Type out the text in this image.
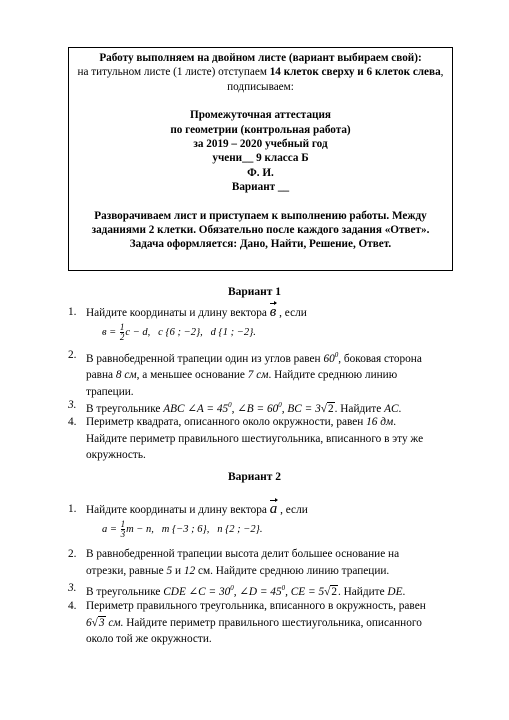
Работу выполняем на двойном листе (вариант выбираем свой):
на титульном листе (1 листе) отступаем 14 клеток сверху и 6 клеток слева,
подписываем:
Промежуточная аттестация
по геометрии (контрольная работа)
за 2019 – 2020 учебный год
учени__ 9 класса Б
Ф. И.
Вариант __
Разворачиваем лист и приступаем к выполнению работы. Между
заданиями 2 клетки. Обязательно после каждого задания «Ответ».
Задача оформляется: Дано, Найти, Решение, Ответ.
Вариант 1
1. Найдите координаты и длину вектора в , если
$в = \frac{1}{2}$ c − d, c {6 ; −2}, d {1 ; −2}.
2. В равнобедренной трапеции один из углов равен $60^0$, боковая сторона
равна 8 см, а меньшее основание 7 см. Найдите среднюю линию
трапеции.
3. В треугольнике ABC ∠A = $45^0$, ∠B = $60^0$, BC = 3√2. Найдите AC.
4. Периметр квадрата, описанного около окружности, равен 16 дм.
Найдите периметр правильного шестиугольника, вписанного в эту же
окружность.
Вариант 2
1. Найдите координаты и длину вектора a , если
$a = \frac{1}{3}$ m − n, m {−3 ; 6}, n {2 ; −2}.
2. В равнобедренной трапеции высота делит большее основание на
отрезки, равные 5 и 12 см. Найдите среднюю линию трапеции.
3. В треугольнике CDE ∠C = $30^0$, ∠D = $45^0$, CE = 5√2. Найдите DE.
4. Периметр правильного треугольника, вписанного в окружность, равен
6√3 см. Найдите периметр правильного шестиугольника, описанного
около той же окружности.
